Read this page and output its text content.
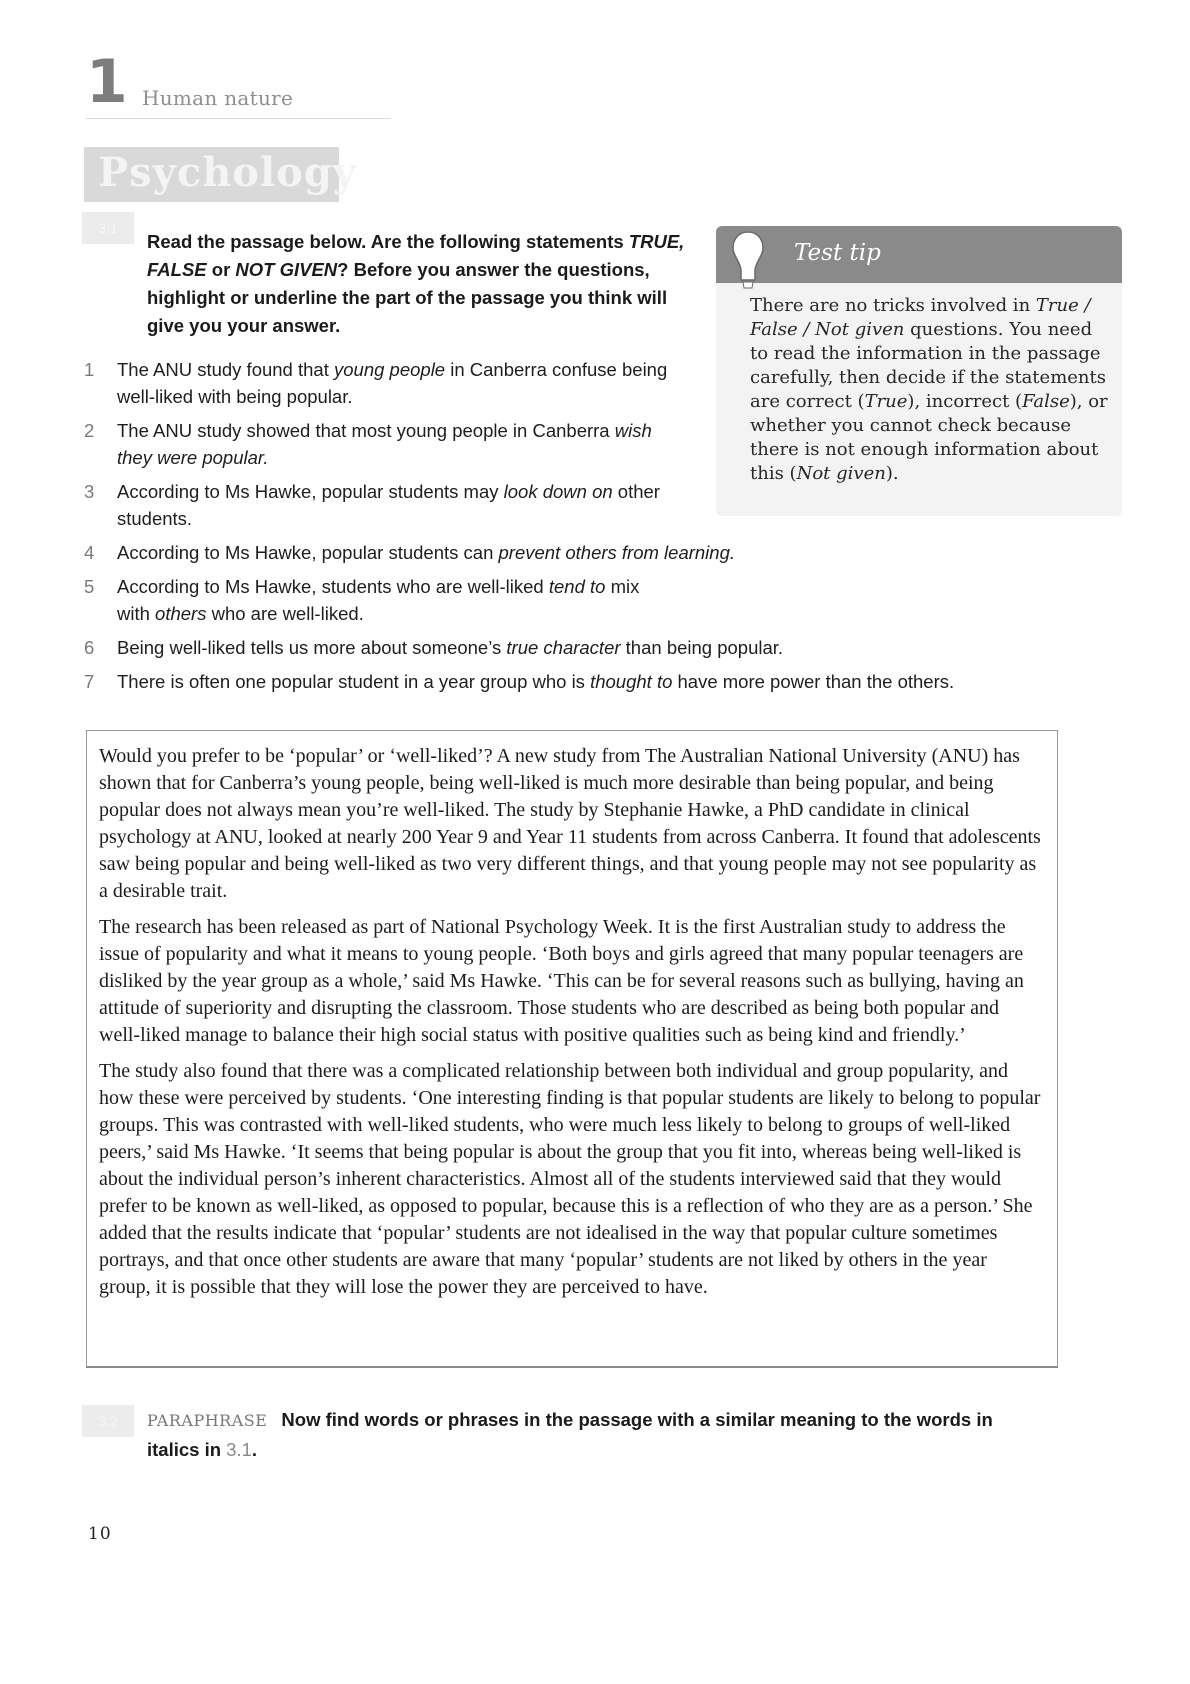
1 Human nature
Psychology
3.1
Read the passage below. Are the following statements TRUE, FALSE or NOT GIVEN? Before you answer the questions, highlight or underline the part of the passage you think will give you your answer.
1 The ANU study found that young people in Canberra confuse being well-liked with being popular.
2 The ANU study showed that most young people in Canberra wish they were popular.
3 According to Ms Hawke, popular students may look down on other students.
4 According to Ms Hawke, popular students can prevent others from learning.
5 According to Ms Hawke, students who are well-liked tend to mix
with others who are well-liked.
6 Being well-liked tells us more about someone’s true character than being popular.
7 There is often one popular student in a year group who is thought to have more power than the others.
Test tip
There are no tricks involved in True / False / Not given questions. You need to read the information in the passage carefully, then decide if the statements are correct (True), incorrect (False), or whether you cannot check because there is not enough information about this (Not given).

Would you prefer to be ‘popular’ or ‘well-liked’? A new study from The Australian National University (ANU) has shown that for Canberra’s young people, being well-liked is much more desirable than being popular, and being popular does not always mean you’re well-liked. The study by Stephanie Hawke, a PhD candidate in clinical psychology at ANU, looked at nearly 200 Year 9 and Year 11 students from across Canberra. It found that adolescents saw being popular and being well-liked as two very different things, and that young people may not see popularity as a desirable trait.

The research has been released as part of National Psychology Week. It is the first Australian study to address the issue of popularity and what it means to young people. ‘Both boys and girls agreed that many popular teenagers are disliked by the year group as a whole,’ said Ms Hawke. ‘This can be for several reasons such as bullying, having an attitude of superiority and disrupting the classroom. Those students who are described as being both popular and well-liked manage to balance their high social status with positive qualities such as being kind and friendly.’

The study also found that there was a complicated relationship between both individual and group popularity, and how these were perceived by students. ‘One interesting finding is that popular students are likely to belong to popular groups. This was contrasted with well-liked students, who were much less likely to belong to groups of well-liked peers,’ said Ms Hawke. ‘It seems that being popular is about the group that you fit into, whereas being well-liked is about the individual person’s inherent characteristics. Almost all of the students interviewed said that they would prefer to be known as well-liked, as opposed to popular, because this is a reflection of who they are as a person.’ She added that the results indicate that ‘popular’ students are not idealised in the way that popular culture sometimes portrays, and that once other students are aware that many ‘popular’ students are not liked by others in the year group, it is possible that they will lose the power they are perceived to have.

3.2	PARAPHRASE Now find words or phrases in the passage with a similar meaning to the words in italics in 3.1.
10
